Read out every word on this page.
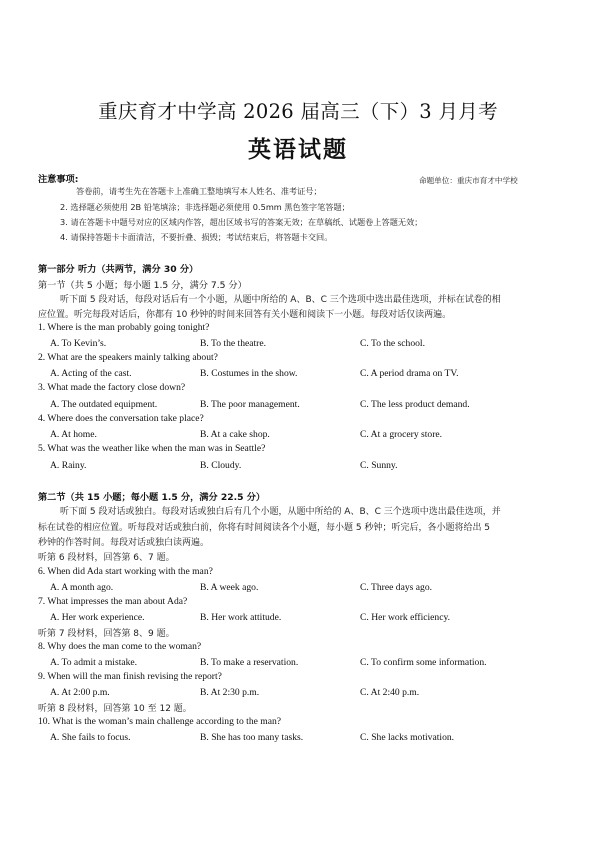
重庆育才中学高 2026 届高三（下）3 月月考
英语试题
注意事项:	命题单位：重庆市育才中学校
答卷前，请考生先在答题卡上准确工整地填写本人姓名、准考证号；
2. 选择题必须使用 2B 铅笔填涂；非选择题必须使用 0.5mm 黑色签字笔答题；
3. 请在答题卡中题号对应的区域内作答，超出区域书写的答案无效；在草稿纸、试题卷上答题无效；
4. 请保持答题卡卡面清洁，不要折叠、损毁；考试结束后，将答题卡交回。
第一部分 听力（共两节，满分 30 分）
第一节（共 5 小题；每小题 1.5 分，满分 7.5 分）
听下面 5 段对话，每段对话后有一个小题，从题中所给的 A、B、C 三个选项中选出最佳选项，并标在试卷的相
应位置。听完每段对话后，你都有 10 秒钟的时间来回答有关小题和阅读下一小题。每段对话仅读两遍。
1. Where is the man probably going tonight?
A. To Kevin’s.	B. To the theatre.	C. To the school.
2. What are the speakers mainly talking about?
A. Acting of the cast.	B. Costumes in the show.	C. A period drama on TV.
3. What made the factory close down?
A. The outdated equipment.	B. The poor management.	C. The less product demand.
4. Where does the conversation take place?
A. At home.	B. At a cake shop.	C. At a grocery store.
5. What was the weather like when the man was in Seattle?
A. Rainy.	B. Cloudy.	C. Sunny.
第二节（共 15 小题；每小题 1.5 分，满分 22.5 分）
听下面 5 段对话或独白。每段对话或独白后有几个小题，从题中所给的 A、B、C 三个选项中选出最佳选项，并
标在试卷的相应位置。听每段对话或独白前，你将有时间阅读各个小题，每小题 5 秒钟；听完后，各小题将给出 5
秒钟的作答时间。每段对话或独白读两遍。
听第 6 段材料，回答第 6、7 题。
6. When did Ada start working with the man?
A. A month ago.	B. A week ago.	C. Three days ago.
7. What impresses the man about Ada?
A. Her work experience.	B. Her work attitude.	C. Her work efficiency.
听第 7 段材料，回答第 8、9 题。
8. Why does the man come to the woman?
A. To admit a mistake.	B. To make a reservation.	C. To confirm some information.
9. When will the man finish revising the report?
A. At 2:00 p.m.	B. At 2:30 p.m.	C. At 2:40 p.m.
听第 8 段材料，回答第 10 至 12 题。
10. What is the woman’s main challenge according to the man?
A. She fails to focus.	B. She has too many tasks.	C. She lacks motivation.
